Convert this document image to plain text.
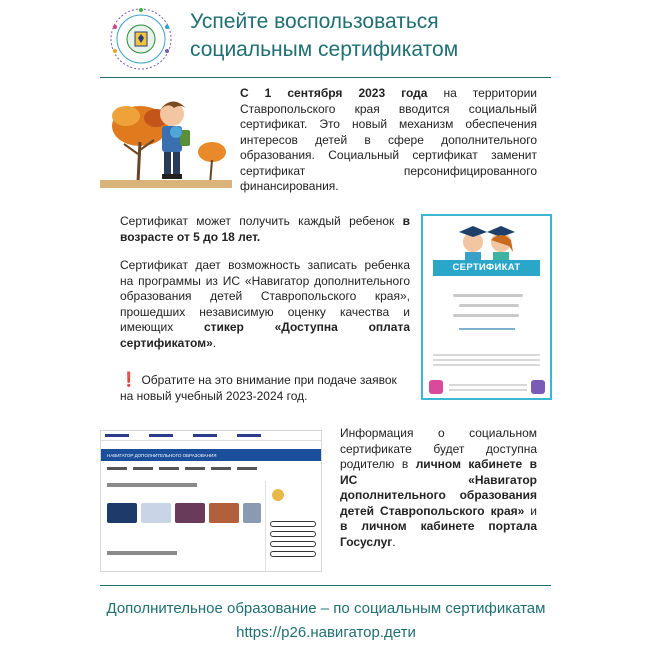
Успейте воспользоваться
социальным сертификатом
С 1 сентября 2023 года на территории Ставропольского края вводится социальный сертификат. Это новый механизм обеспечения интересов детей в сфере дополнительного образования. Социальный сертификат заменит сертификат персонифицированного финансирования.
Сертификат может получить каждый ребенок в возрасте от 5 до 18 лет.
Сертификат дает возможность записать ребенка на программы из ИС «Навигатор дополнительного образования детей Ставропольского края», прошедших независимую оценку качества и имеющих стикер «Доступна оплата сертификатом».
❗ Обратите на это внимание при подаче заявок на новый учебный 2023-2024 год.
СЕРТИФИКАТ
НАВИГАТОР ДОПОЛНИТЕЛЬНОГО ОБРАЗОВАНИЯ
Информация о социальном сертификате будет доступна родителю в личном кабинете в ИС «Навигатор дополнительного образования детей Ставропольского края» и в личном кабинете портала Госуслуг.
Дополнительное образование – по социальным сертификатам
https://р26.навигатор.дети
